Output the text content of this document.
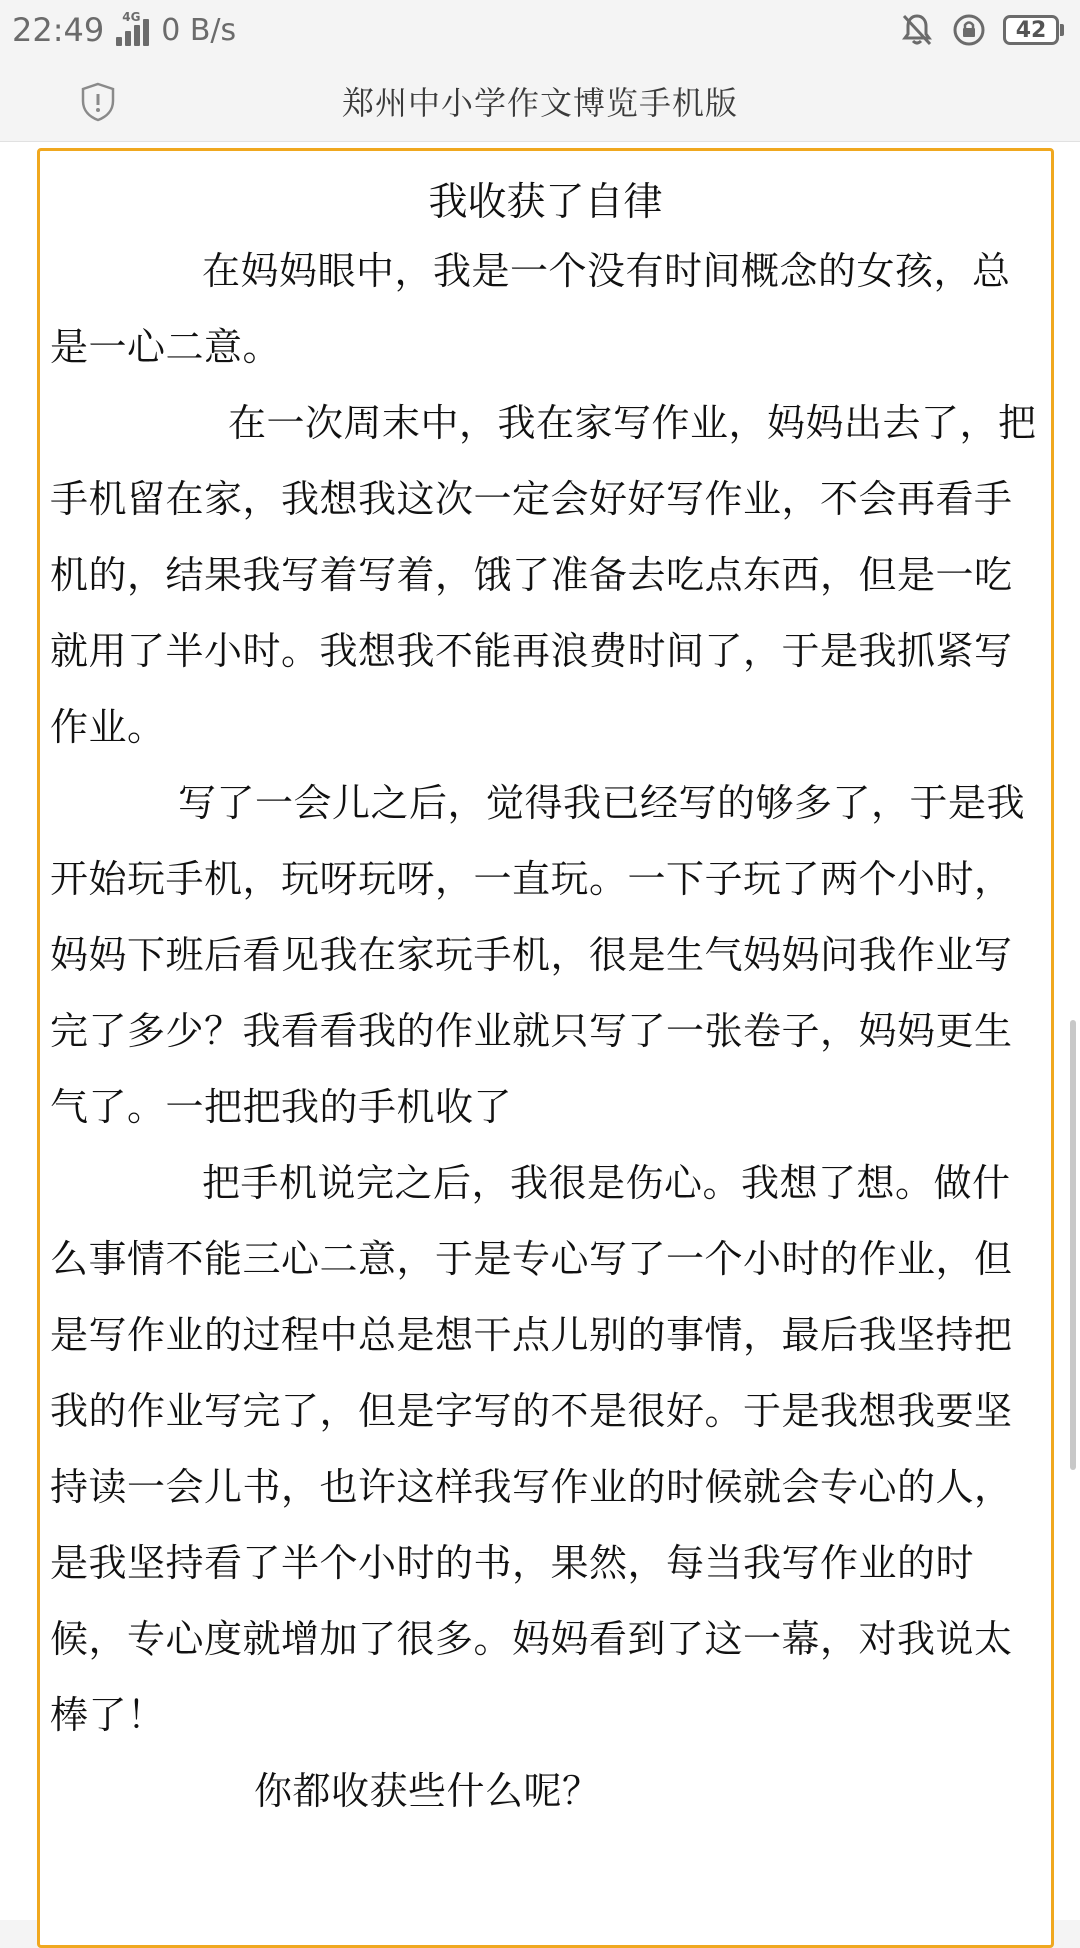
22:49 4G 0 B/s	42
郑州中小学作文博览手机版
我收获了自律

在妈妈眼中，我是一个没有时间概念的女孩，总是一心二意。

在一次周末中，我在家写作业，妈妈出去了，把手机留在家，我想我这次一定会好好写作业，不会再看手机的，结果我写着写着，饿了准备去吃点东西，但是一吃就用了半小时。我想我不能再浪费时间了，于是我抓紧写作业。

写了一会儿之后，觉得我已经写的够多了，于是我开始玩手机，玩呀玩呀，一直玩。一下子玩了两个小时，妈妈下班后看见我在家玩手机，很是生气妈妈问我作业写完了多少？我看看我的作业就只写了一张卷子，妈妈更生气了。一把把我的手机收了

把手机说完之后，我很是伤心。我想了想。做什么事情不能三心二意，于是专心写了一个小时的作业，但是写作业的过程中总是想干点儿别的事情，最后我坚持把我的作业写完了，但是字写的不是很好。于是我想我要坚持读一会儿书，也许这样我写作业的时候就会专心的人，是我坚持看了半个小时的书，果然，每当我写作业的时候，专心度就增加了很多。妈妈看到了这一幕，对我说太棒了！

你都收获些什么呢？
